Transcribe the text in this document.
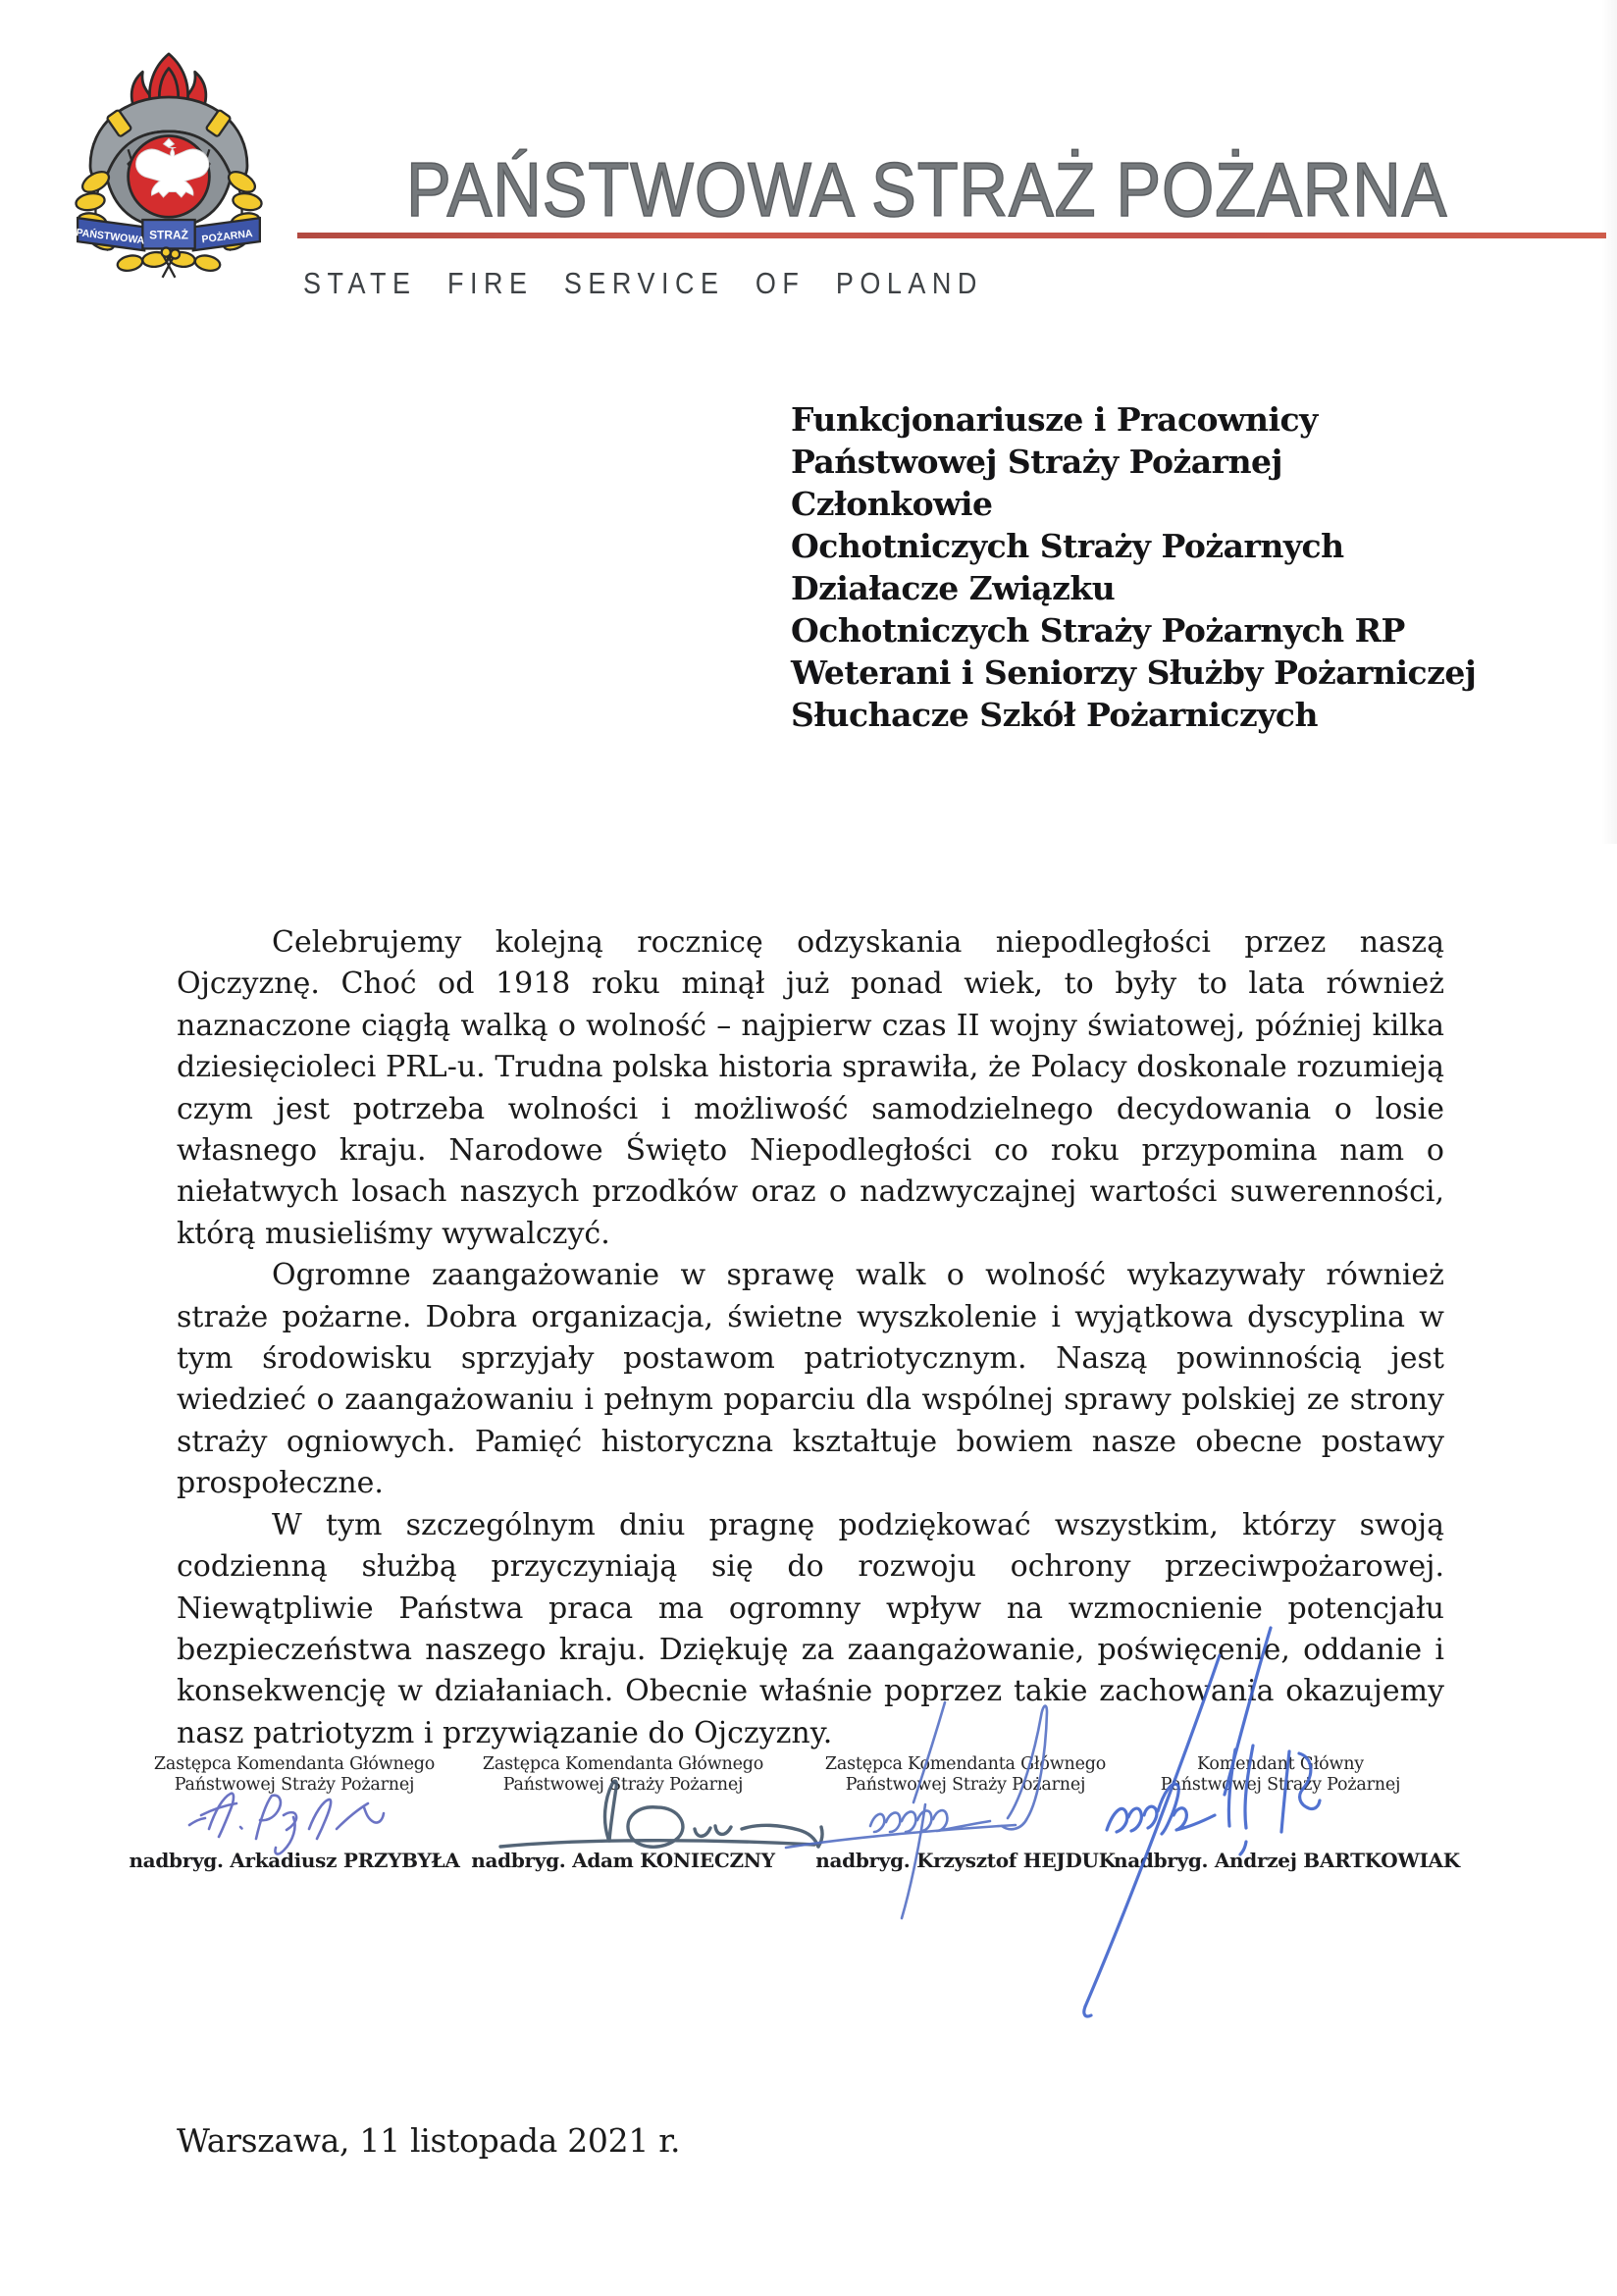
PAŃSTWOWA STRAŻ POŻARNA
PAŃSTWOWA STRAŻ POŻARNA
STATE FIRE SERVICE OF POLAND
Funkcjonariusze i Pracownicy
Państwowej Straży Pożarnej
Członkowie
Ochotniczych Straży Pożarnych
Działacze Związku
Ochotniczych Straży Pożarnych RP
Weterani i Seniorzy Służby Pożarniczej
Słuchacze Szkół Pożarniczych

Celebrujemy kolejną rocznicę odzyskania niepodległości przez naszą Ojczyznę. Choć od 1918 roku minął już ponad wiek, to były to lata również naznaczone ciągłą walką o wolność – najpierw czas II wojny światowej, później kilka dziesięcioleci PRL-u. Trudna polska historia sprawiła, że Polacy doskonale rozumieją czym jest potrzeba wolności i możliwość samodzielnego decydowania o losie własnego kraju. Narodowe Święto Niepodległości co roku przypomina nam o niełatwych losach naszych przodków oraz o nadzwyczajnej wartości suwerenności, którą musieliśmy wywalczyć.

Ogromne zaangażowanie w sprawę walk o wolność wykazywały również straże pożarne. Dobra organizacja, świetne wyszkolenie i wyjątkowa dyscyplina w tym środowisku sprzyjały postawom patriotycznym. Naszą powinnością jest wiedzieć o zaangażowaniu i pełnym poparciu dla wspólnej sprawy polskiej ze strony straży ogniowych. Pamięć historyczna kształtuje bowiem nasze obecne postawy prospołeczne.

W tym szczególnym dniu pragnę podziękować wszystkim, którzy swoją codzienną służbą przyczyniają się do rozwoju ochrony przeciwpożarowej. Niewątpliwie Państwa praca ma ogromny wpływ na wzmocnienie potencjału bezpieczeństwa naszego kraju. Dziękuję za zaangażowanie, poświęcenie, oddanie i konsekwencję w działaniach. Obecnie właśnie poprzez takie zachowania okazujemy nasz patriotyzm i przywiązanie do Ojczyzny.

Zastępca Komendanta Głównego
Państwowej Straży Pożarnej
nadbryg. Arkadiusz PRZYBYŁA
Zastępca Komendanta Głównego
Państwowej Straży Pożarnej
nadbryg. Adam KONIECZNY
Zastępca Komendanta Głównego
Państwowej Straży Pożarnej
nadbryg. Krzysztof HEJDUK
Komendant Główny
Państwowej Straży Pożarnej
nadbryg. Andrzej BARTKOWIAK
Warszawa, 11 listopada 2021 r.
